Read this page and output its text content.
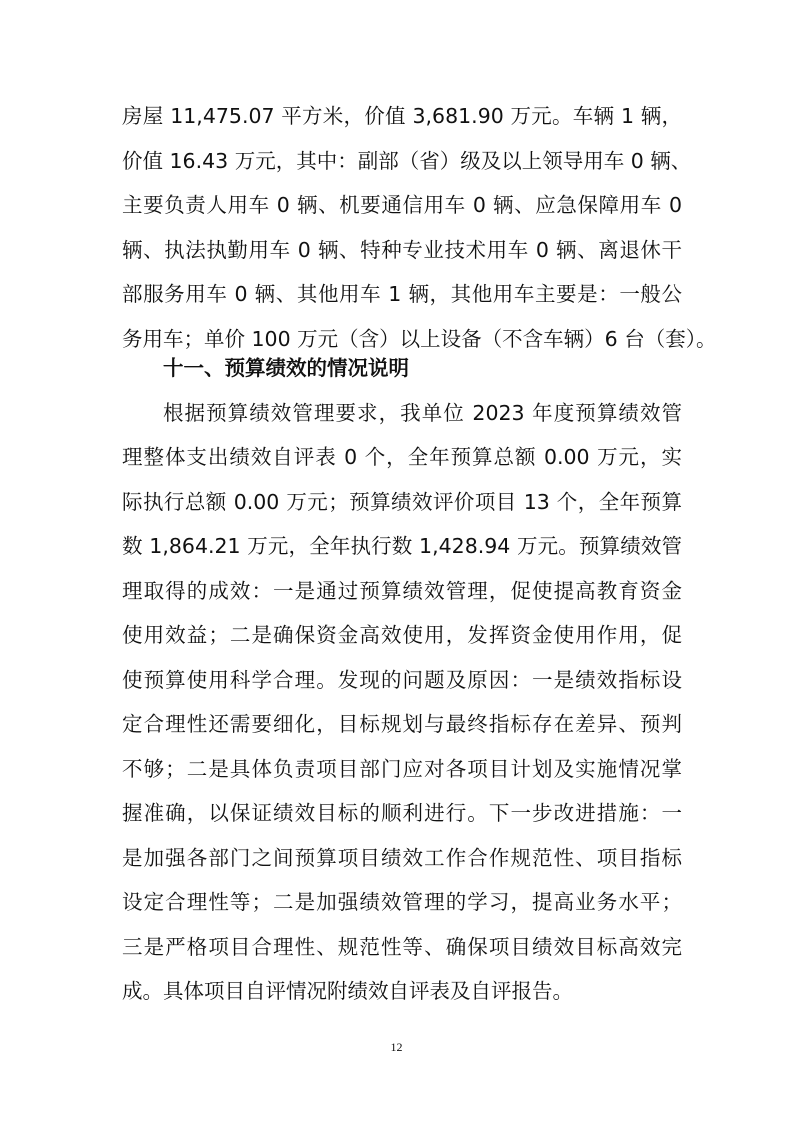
房屋 11,475.07 平方米，价值 3,681.90 万元。车辆 1 辆，
价值 16.43 万元，其中：副部（省）级及以上领导用车 0 辆、
主要负责人用车 0 辆、机要通信用车 0 辆、应急保障用车 0
辆、执法执勤用车 0 辆、特种专业技术用车 0 辆、离退休干
部服务用车 0 辆、其他用车 1 辆，其他用车主要是：一般公
务用车；单价 100 万元（含）以上设备（不含车辆）6 台（套）。
十一、预算绩效的情况说明
根据预算绩效管理要求，我单位 2023 年度预算绩效管
理整体支出绩效自评表 0 个，全年预算总额 0.00 万元，实
际执行总额 0.00 万元；预算绩效评价项目 13 个，全年预算
数 1,864.21 万元，全年执行数 1,428.94 万元。预算绩效管
理取得的成效：一是通过预算绩效管理，促使提高教育资金
使用效益；二是确保资金高效使用，发挥资金使用作用，促
使预算使用科学合理。发现的问题及原因：一是绩效指标设
定合理性还需要细化，目标规划与最终指标存在差异、预判
不够；二是具体负责项目部门应对各项目计划及实施情况掌
握准确，以保证绩效目标的顺利进行。下一步改进措施：一
是加强各部门之间预算项目绩效工作合作规范性、项目指标
设定合理性等；二是加强绩效管理的学习，提高业务水平；
三是严格项目合理性、规范性等、确保项目绩效目标高效完
成。具体项目自评情况附绩效自评表及自评报告。
12
